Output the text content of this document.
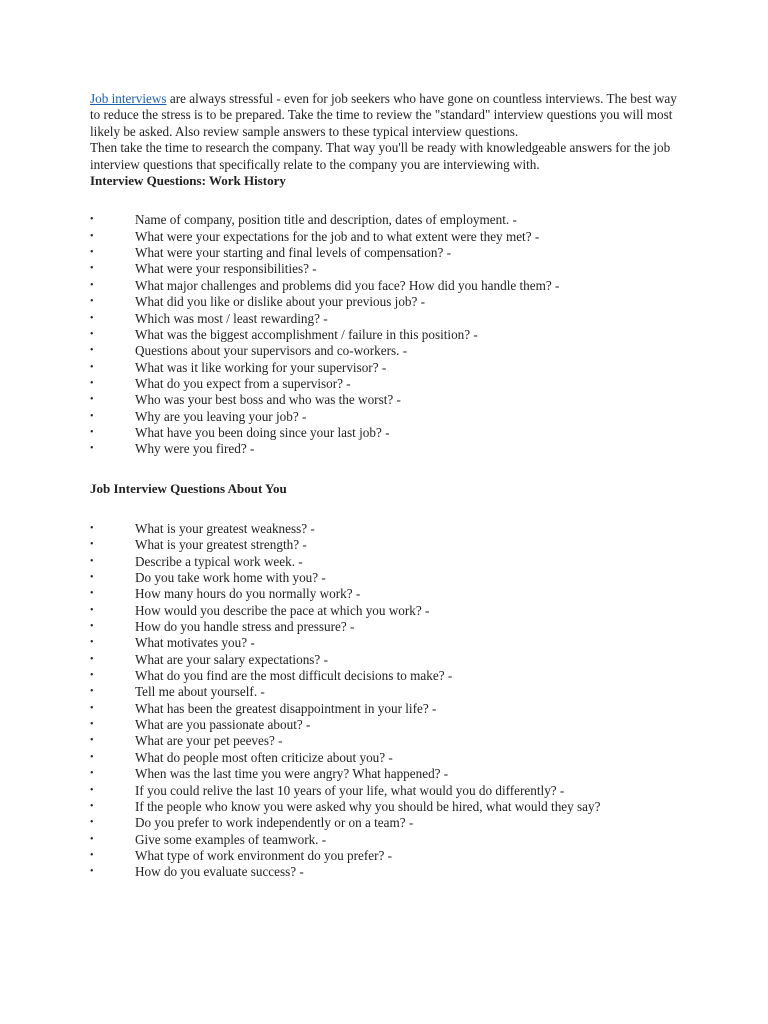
Job interviews are always stressful - even for job seekers who have gone on countless interviews. The best way to reduce the stress is to be prepared. Take the time to review the "standard" interview questions you will most likely be asked. Also review sample answers to these typical interview questions.

Then take the time to research the company. That way you'll be ready with knowledgeable answers for the job interview questions that specifically relate to the company you are interviewing with.

Interview Questions: Work History
•	Name of company, position title and description, dates of employment. -
•	What were your expectations for the job and to what extent were they met? -
•	What were your starting and final levels of compensation? -
•	What were your responsibilities? -
•	What major challenges and problems did you face? How did you handle them? -
•	What did you like or dislike about your previous job? -
•	Which was most / least rewarding? -
•	What was the biggest accomplishment / failure in this position? -
•	Questions about your supervisors and co-workers. -
•	What was it like working for your supervisor? -
•	What do you expect from a supervisor? -
•	Who was your best boss and who was the worst? -
•	Why are you leaving your job? -
•	What have you been doing since your last job? -
•	Why were you fired? -
Job Interview Questions About You
•	What is your greatest weakness? -
•	What is your greatest strength? -
•	Describe a typical work week. -
•	Do you take work home with you? -
•	How many hours do you normally work? -
•	How would you describe the pace at which you work? -
•	How do you handle stress and pressure? -
•	What motivates you? -
•	What are your salary expectations? -
•	What do you find are the most difficult decisions to make? -
•	Tell me about yourself. -
•	What has been the greatest disappointment in your life? -
•	What are you passionate about? -
•	What are your pet peeves? -
•	What do people most often criticize about you? -
•	When was the last time you were angry? What happened? -
•	If you could relive the last 10 years of your life, what would you do differently? -
•	If the people who know you were asked why you should be hired, what would they say?
•	Do you prefer to work independently or on a team? -
•	Give some examples of teamwork. -
•	What type of work environment do you prefer? -
•	How do you evaluate success? -
